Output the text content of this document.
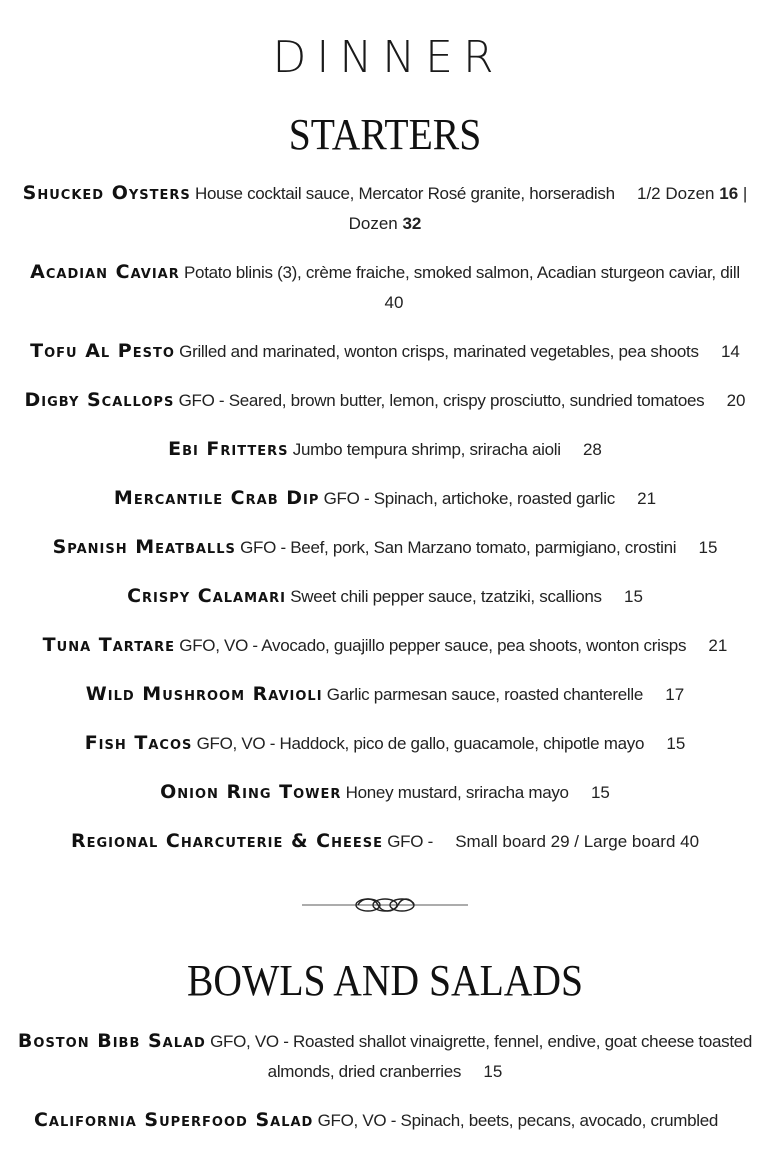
DINNER
STARTERS
Shucked Oysters House cocktail sauce, Mercator Rosé granite, horseradish 1/2 Dozen 16 | Dozen 32
Acadian Caviar Potato blinis (3), crème fraiche, smoked salmon, Acadian sturgeon caviar, dill 40
Tofu Al Pesto Grilled and marinated, wonton crisps, marinated vegetables, pea shoots 14
Digby Scallops GFO - Seared, brown butter, lemon, crispy prosciutto, sundried tomatoes 20
Ebi Fritters Jumbo tempura shrimp, sriracha aioli 28
Mercantile Crab Dip GFO - Spinach, artichoke, roasted garlic 21
Spanish Meatballs GFO - Beef, pork, San Marzano tomato, parmigiano, crostini 15
Crispy Calamari Sweet chili pepper sauce, tzatziki, scallions 15
Tuna Tartare GFO, VO - Avocado, guajillo pepper sauce, pea shoots, wonton crisps 21
Wild Mushroom Ravioli Garlic parmesan sauce, roasted chanterelle 17
Fish Tacos GFO, VO - Haddock, pico de gallo, guacamole, chipotle mayo 15
Onion Ring Tower Honey mustard, sriracha mayo 15
Regional Charcuterie & Cheese GFO - Small board 29 / Large board 40
BOWLS AND SALADS
Boston Bibb Salad GFO, VO - Roasted shallot vinaigrette, fennel, endive, goat cheese toasted almonds, dried cranberries 15
California Superfood Salad GFO, VO - Spinach, beets, pecans, avocado, crumbled
